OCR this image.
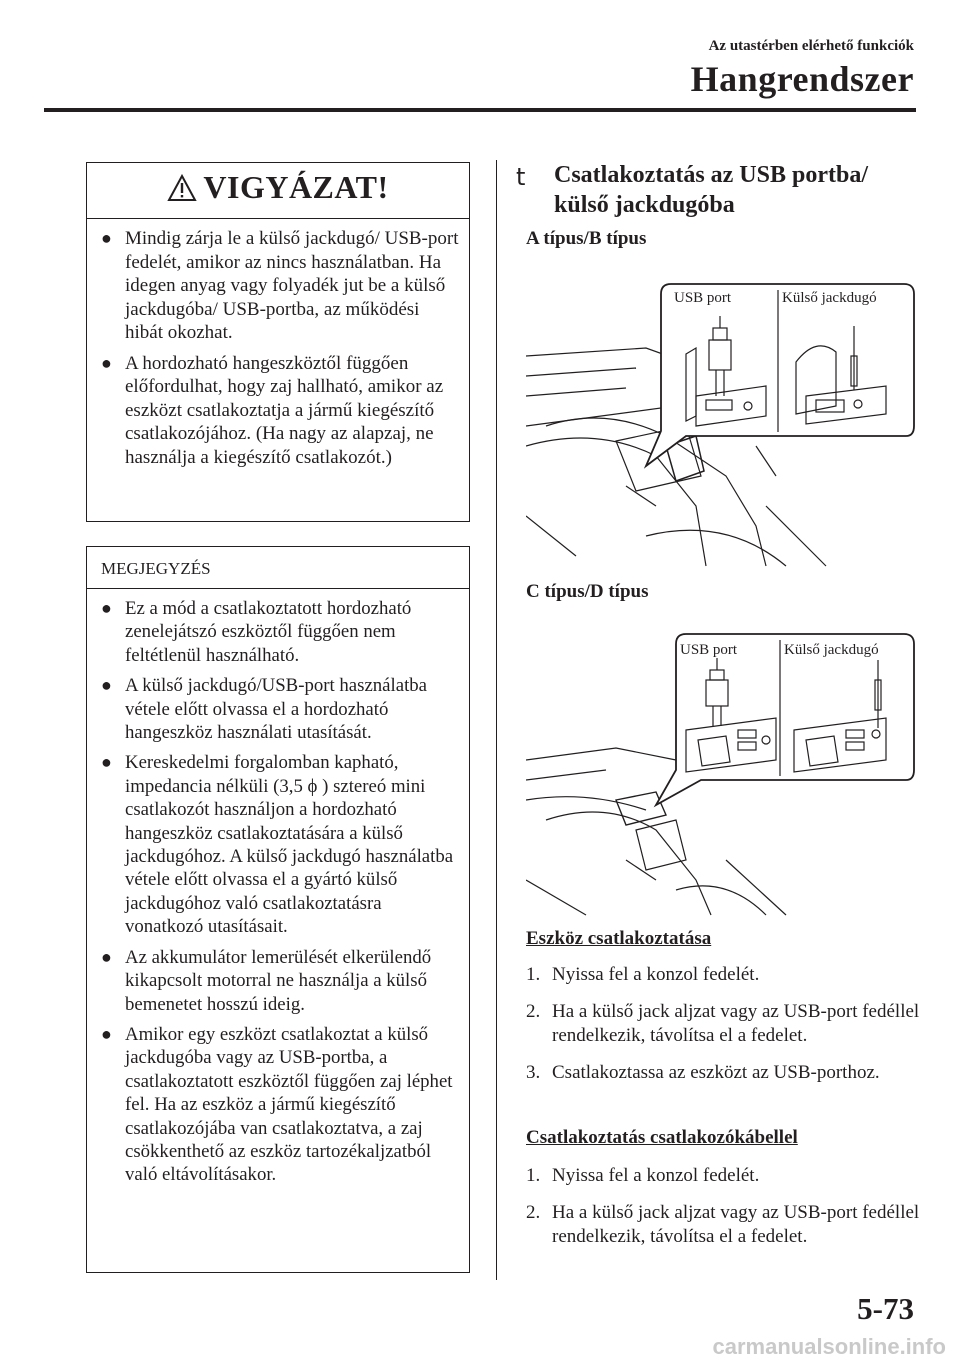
Az utastérben elérhető funkciók
Hangrendszer
VIGYÁZAT!
● Mindig zárja le a külső jackdugó/ USB-port fedelét, amikor az nincs használatban. Ha idegen anyag vagy folyadék jut be a külső jackdugóba/ USB-portba, az működési hibát okozhat.
● A hordozható hangeszköztől függően előfordulhat, hogy zaj hallható, amikor az eszközt csatlakoztatja a jármű kiegészítő csatlakozójához. (Ha nagy az alapzaj, ne használja a kiegészítő csatlakozót.)
MEGJEGYZÉS
● Ez a mód a csatlakoztatott hordozható zenelejátszó eszköztől függően nem feltétlenül használható.
● A külső jackdugó/USB-port használatba vétele előtt olvassa el a hordozható hangeszköz használati utasítását.
● Kereskedelmi forgalomban kapható, impedancia nélküli (3,5 ϕ ) sztereó mini csatlakozót használjon a hordozható hangeszköz csatlakoztatására a külső jackdugóhoz. A külső jackdugó használatba vétele előtt olvassa el a gyártó külső jackdugóhoz való csatlakoztatásra vonatkozó utasításait.
● Az akkumulátor lemerülését elkerülendő kikapcsolt motorral ne használja a külső bemenetet hosszú ideig.
● Amikor egy eszközt csatlakoztat a külső jackdugóba vagy az USB-portba, a csatlakoztatott eszköztől függően zaj léphet fel. Ha az eszköz a jármű kiegészítő csatlakozójába van csatlakoztatva, a zaj csökkenthető az eszköz tartozékaljzatból való eltávolításakor.
t Csatlakoztatás az USB portba/
külső jackdugóba
A típus/B típus
USB port	Külső jackdugó
C típus/D típus
USB port	Külső jackdugó
Eszköz csatlakoztatása
1. Nyissa fel a konzol fedelét.
2. Ha a külső jack aljzat vagy az USB-port fedéllel rendelkezik, távolítsa el a fedelet.
3. Csatlakoztassa az eszközt az USB-porthoz.
Csatlakoztatás csatlakozókábellel
1. Nyissa fel a konzol fedelét.
2. Ha a külső jack aljzat vagy az USB-port fedéllel rendelkezik, távolítsa el a fedelet.
5-73
carmanualsonline.info
